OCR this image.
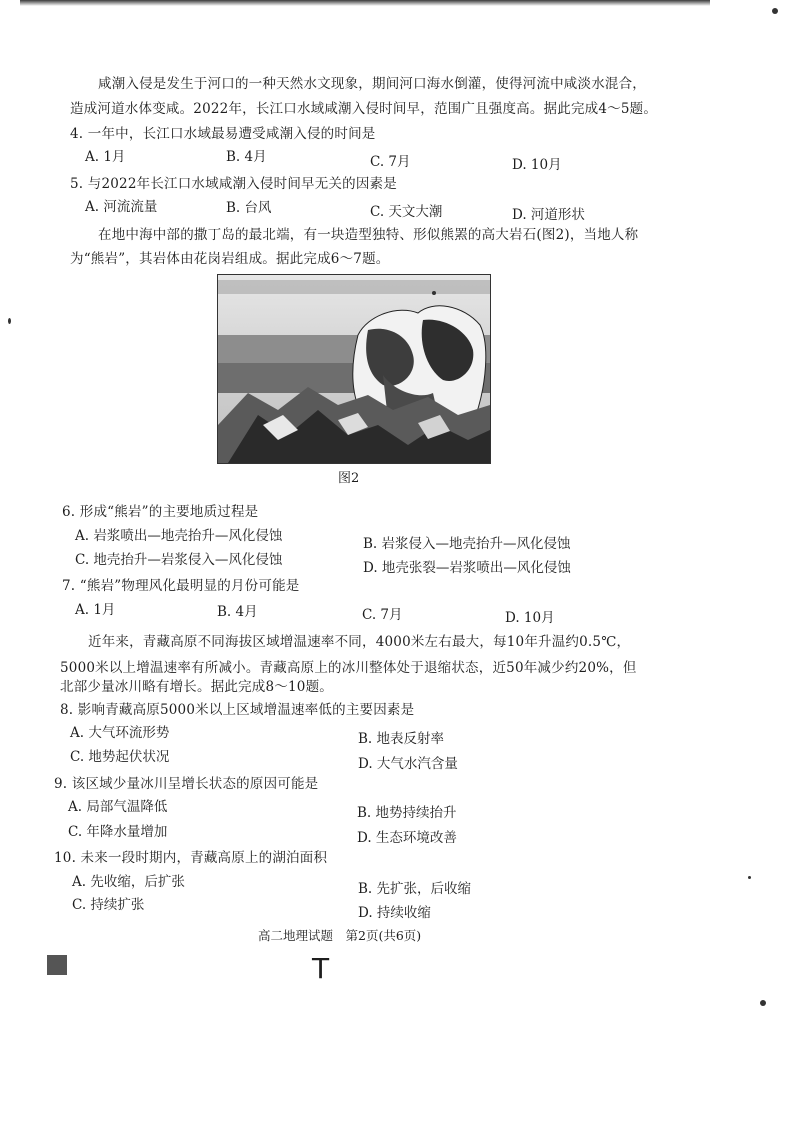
咸潮入侵是发生于河口的一种天然水文现象，期间河口海水倒灌，使得河流中咸淡水混合，
造成河道水体变咸。2022年，长江口水域咸潮入侵时间早，范围广且强度高。据此完成4～5题。
4. 一年中，长江口水域最易遭受咸潮入侵的时间是
A. 1月	B. 4月	C. 7月	D. 10月
5. 与2022年长江口水域咸潮入侵时间早无关的因素是
A. 河流流量	B. 台风	C. 天文大潮	D. 河道形状
在地中海中部的撒丁岛的最北端，有一块造型独特、形似熊罴的高大岩石(图2)，当地人称
为“熊岩”，其岩体由花岗岩组成。据此完成6～7题。
图2
6. 形成“熊岩”的主要地质过程是
A. 岩浆喷出—地壳抬升—风化侵蚀	B. 岩浆侵入—地壳抬升—风化侵蚀
C. 地壳抬升—岩浆侵入—风化侵蚀	D. 地壳张裂—岩浆喷出—风化侵蚀
7. “熊岩”物理风化最明显的月份可能是
A. 1月	B. 4月	C. 7月	D. 10月
近年来，青藏高原不同海拔区域增温速率不同，4000米左右最大，每10年升温约0.5℃，
5000米以上增温速率有所减小。青藏高原上的冰川整体处于退缩状态，近50年减少约20%，但
北部少量冰川略有增长。据此完成8～10题。
8. 影响青藏高原5000米以上区域增温速率低的主要因素是
A. 大气环流形势	B. 地表反射率
C. 地势起伏状况	D. 大气水汽含量
9. 该区域少量冰川呈增长状态的原因可能是
A. 局部气温降低	B. 地势持续抬升
C. 年降水量增加	D. 生态环境改善
10. 未来一段时期内，青藏高原上的湖泊面积
A. 先收缩，后扩张	B. 先扩张，后收缩
C. 持续扩张	D. 持续收缩
高二地理试题　第2页(共6页)
T
